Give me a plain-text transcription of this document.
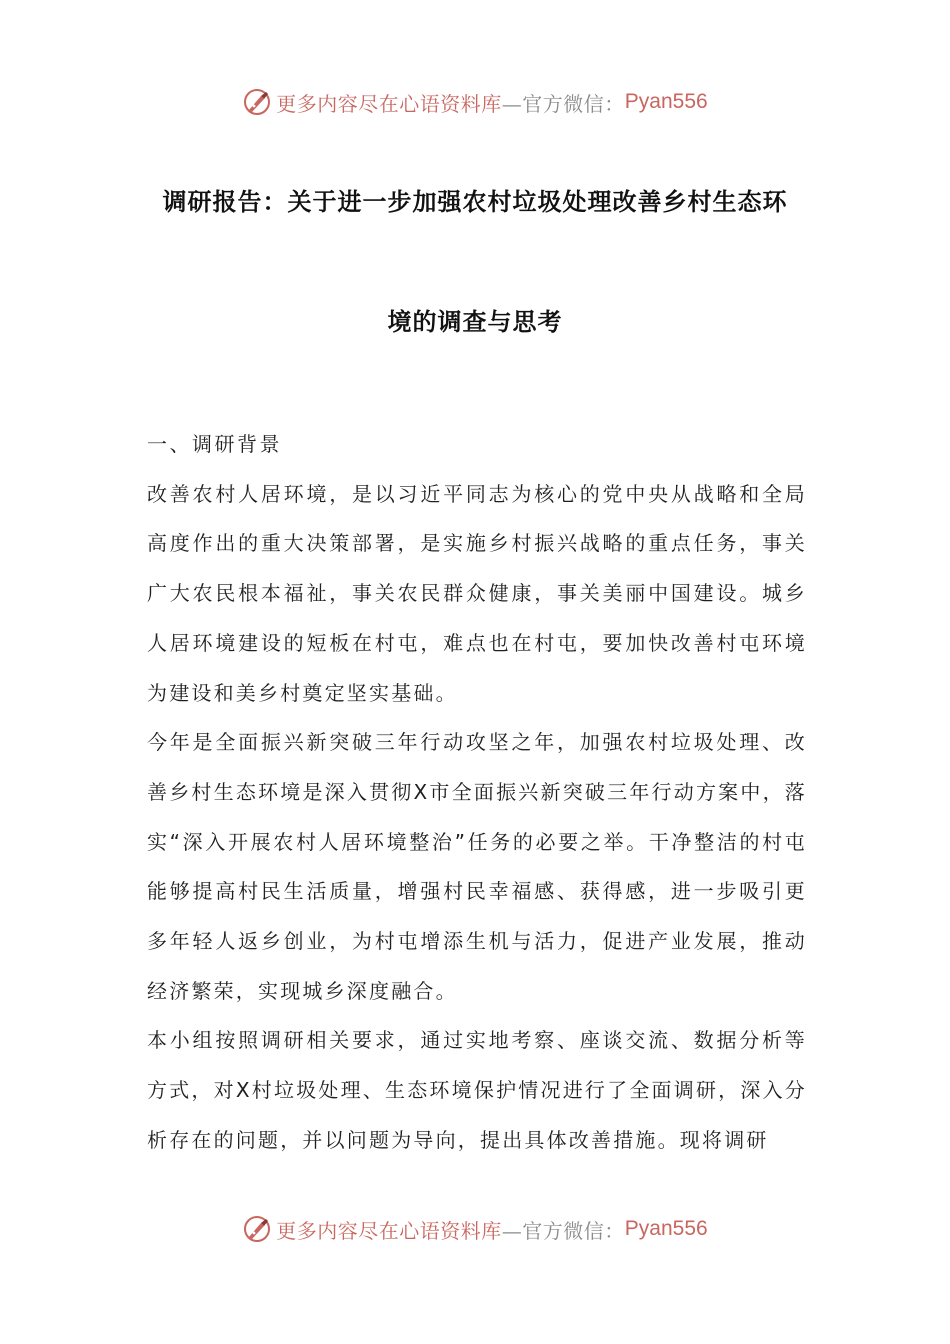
更多内容尽在心语资料库 —官方微信： Pyan556
调研报告：关于进一步加强农村垃圾处理改善乡村生态环
境的调查与思考

一、调研背景

改善农村人居环境，是以习近平同志为核心的党中央从战略和全局高度作出的重大决策部署，是实施乡村振兴战略的重点任务，事关广大农民根本福祉，事关农民群众健康，事关美丽中国建设。城乡人居环境建设的短板在村屯，难点也在村屯，要加快改善村屯环境为建设和美乡村奠定坚实基础。

今年是全面振兴新突破三年行动攻坚之年，加强农村垃圾处理、改善乡村生态环境是深入贯彻X市全面振兴新突破三年行动方案中，落实“深入开展农村人居环境整治”任务的必要之举。干净整洁的村屯能够提高村民生活质量，增强村民幸福感、获得感，进一步吸引更多年轻人返乡创业，为村屯增添生机与活力，促进产业发展，推动经济繁荣，实现城乡深度融合。

本小组按照调研相关要求，通过实地考察、座谈交流、数据分析等方式，对X村垃圾处理、生态环境保护情况进行了全面调研，深入分析存在的问题，并以问题为导向，提出具体改善措施。现将调研

更多内容尽在心语资料库 —官方微信： Pyan556
